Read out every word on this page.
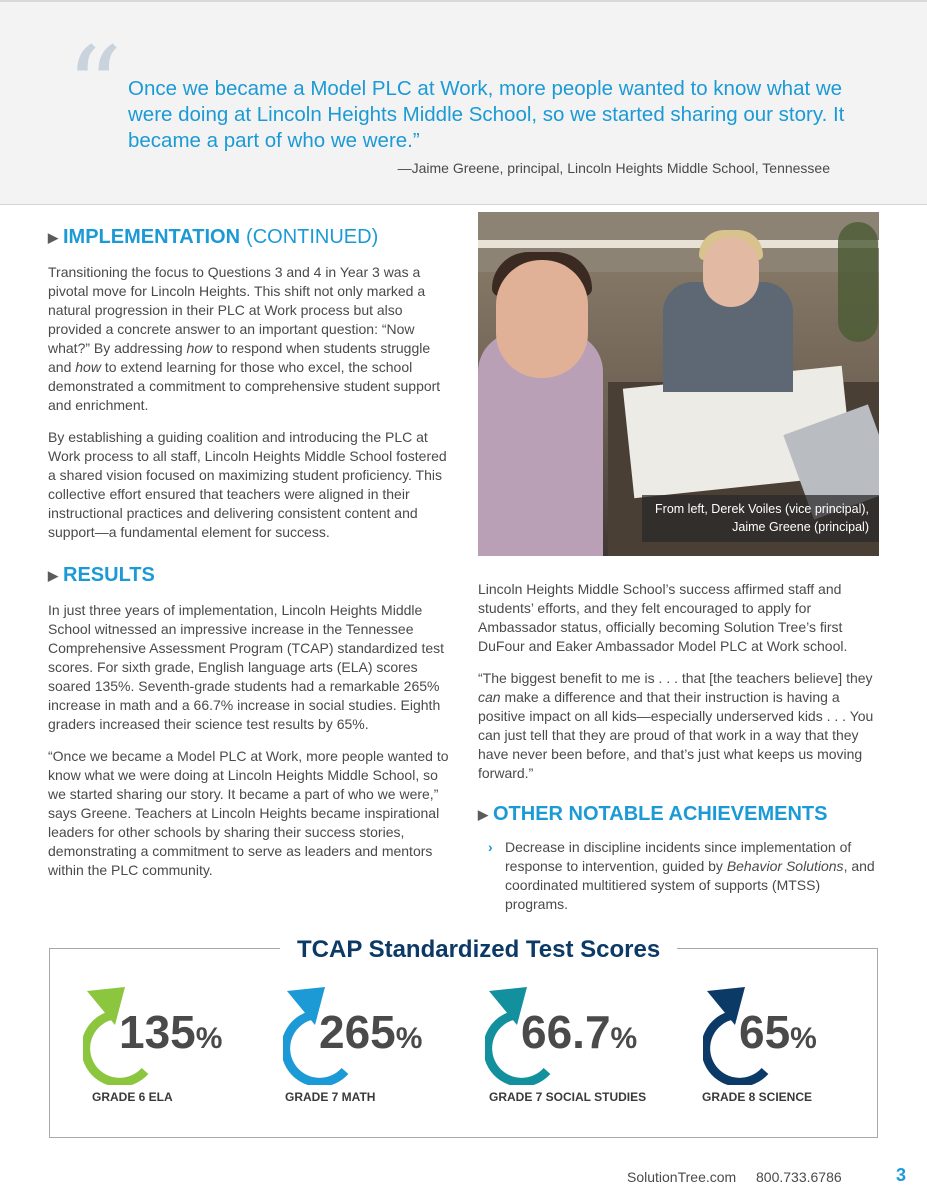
“ Once we became a Model PLC at Work, more people wanted to know what we were doing at Lincoln Heights Middle School, so we started sharing our story. It became a part of who we were.”
—Jaime Greene, principal, Lincoln Heights Middle School, Tennessee
▶ IMPLEMENTATION (CONTINUED)

Transitioning the focus to Questions 3 and 4 in Year 3 was a pivotal move for Lincoln Heights. This shift not only marked a natural progression in their PLC at Work process but also provided a concrete answer to an important question: “Now what?” By addressing how to respond when students struggle and how to extend learning for those who excel, the school demonstrated a commitment to comprehensive student support and enrichment.

By establishing a guiding coalition and introducing the PLC at Work process to all staff, Lincoln Heights Middle School fostered a shared vision focused on maximizing student proficiency. This collective effort ensured that teachers were aligned in their instructional practices and delivering consistent content and support—a fundamental element for success.

▶ RESULTS

In just three years of implementation, Lincoln Heights Middle School witnessed an impressive increase in the Tennessee Comprehensive Assessment Program (TCAP) standardized test scores. For sixth grade, English language arts (ELA) scores soared 135%. Seventh-grade students had a remarkable 265% increase in math and a 66.7% increase in social studies. Eighth graders increased their science test results by 65%.

“Once we became a Model PLC at Work, more people wanted to know what we were doing at Lincoln Heights Middle School, so we started sharing our story. It became a part of who we were,” says Greene. Teachers at Lincoln Heights became inspirational leaders for other schools by sharing their success stories, demonstrating a commitment to serve as leaders and mentors within the PLC community.

From left, Derek Voiles (vice principal),
Jaime Greene (principal)

Lincoln Heights Middle School’s success affirmed staff and students’ efforts, and they felt encouraged to apply for Ambassador status, officially becoming Solution Tree’s first DuFour and Eaker Ambassador Model PLC at Work school.

“The biggest benefit to me is . . . that [the teachers believe] they can make a difference and that their instruction is having a positive impact on all kids—especially underserved kids . . . You can just tell that they are proud of that work in a way that they have never been before, and that’s just what keeps us moving forward.”

▶ OTHER NOTABLE ACHIEVEMENTS
› Decrease in discipline incidents since implementation of response to intervention, guided by Behavior Solutions, and coordinated multitiered system of supports (MTSS) programs.
TCAP Standardized Test Scores
135%
GRADE 6 ELA
265%
GRADE 7 MATH
66.7%
GRADE 7 SOCIAL STUDIES
65%
GRADE 8 SCIENCE
SolutionTree.com 800.733.6786	3
